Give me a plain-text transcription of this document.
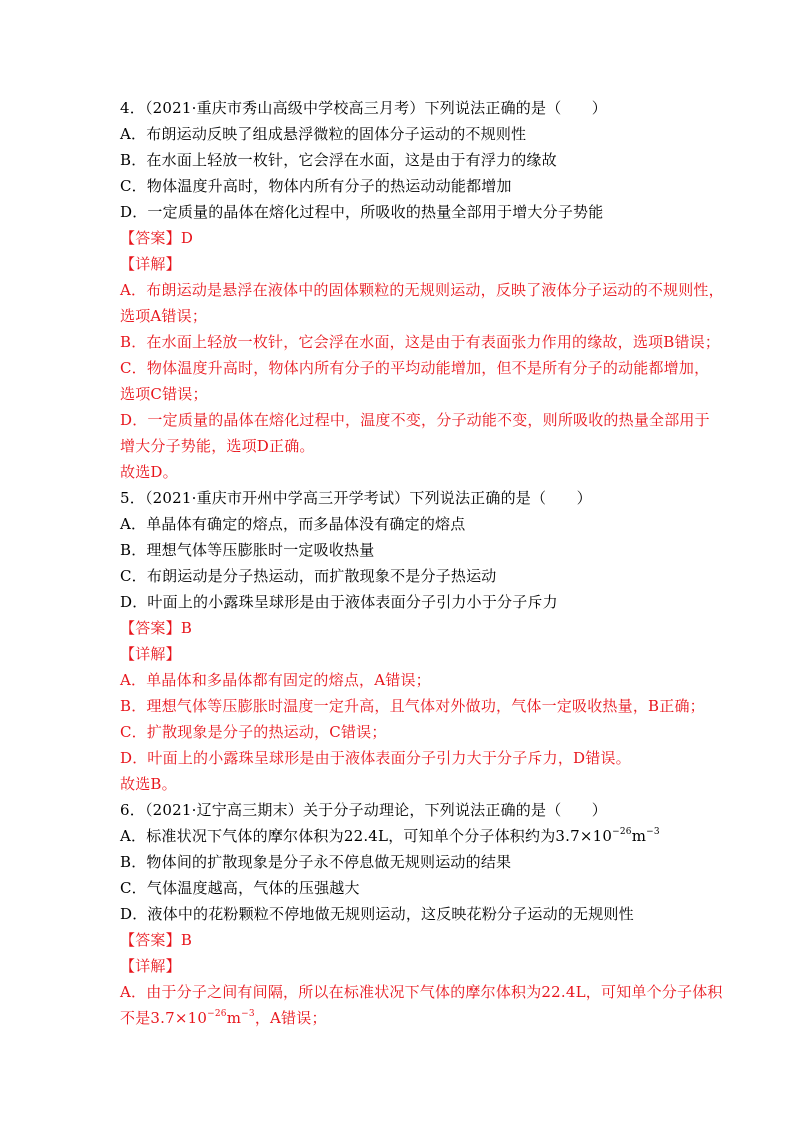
4．（2021·重庆市秀山高级中学校高三月考）下列说法正确的是（　　）
A．布朗运动反映了组成悬浮微粒的固体分子运动的不规则性
B．在水面上轻放一枚针，它会浮在水面，这是由于有浮力的缘故
C．物体温度升高时，物体内所有分子的热运动动能都增加
D．一定质量的晶体在熔化过程中，所吸收的热量全部用于增大分子势能
【答案】D
【详解】
A．布朗运动是悬浮在液体中的固体颗粒的无规则运动，反映了液体分子运动的不规则性，
选项A错误；
B．在水面上轻放一枚针，它会浮在水面，这是由于有表面张力作用的缘故，选项B错误；
C．物体温度升高时，物体内所有分子的平均动能增加，但不是所有分子的动能都增加，
选项C错误；
D．一定质量的晶体在熔化过程中，温度不变，分子动能不变，则所吸收的热量全部用于
增大分子势能，选项D正确。
故选D。
5．（2021·重庆市开州中学高三开学考试）下列说法正确的是（　　）
A．单晶体有确定的熔点，而多晶体没有确定的熔点
B．理想气体等压膨胀时一定吸收热量
C．布朗运动是分子热运动，而扩散现象不是分子热运动
D．叶面上的小露珠呈球形是由于液体表面分子引力小于分子斥力
【答案】B
【详解】
A．单晶体和多晶体都有固定的熔点，A错误；
B．理想气体等压膨胀时温度一定升高，且气体对外做功，气体一定吸收热量，B正确；
C．扩散现象是分子的热运动，C错误；
D．叶面上的小露珠呈球形是由于液体表面分子引力大于分子斥力，D错误。
故选B。
6．（2021·辽宁高三期末）关于分子动理论，下列说法正确的是（　　）
A．标准状况下气体的摩尔体积为22.4L，可知单个分子体积约为$3.7\times 10^{-26}m^{-3}$
B．物体间的扩散现象是分子永不停息做无规则运动的结果
C．气体温度越高，气体的压强越大
D．液体中的花粉颗粒不停地做无规则运动，这反映花粉分子运动的无规则性
【答案】B
【详解】
A．由于分子之间有间隔，所以在标准状况下气体的摩尔体积为22.4L，可知单个分子体积
不是$3.7\times 10^{-26}m^{-3}$，A错误；
